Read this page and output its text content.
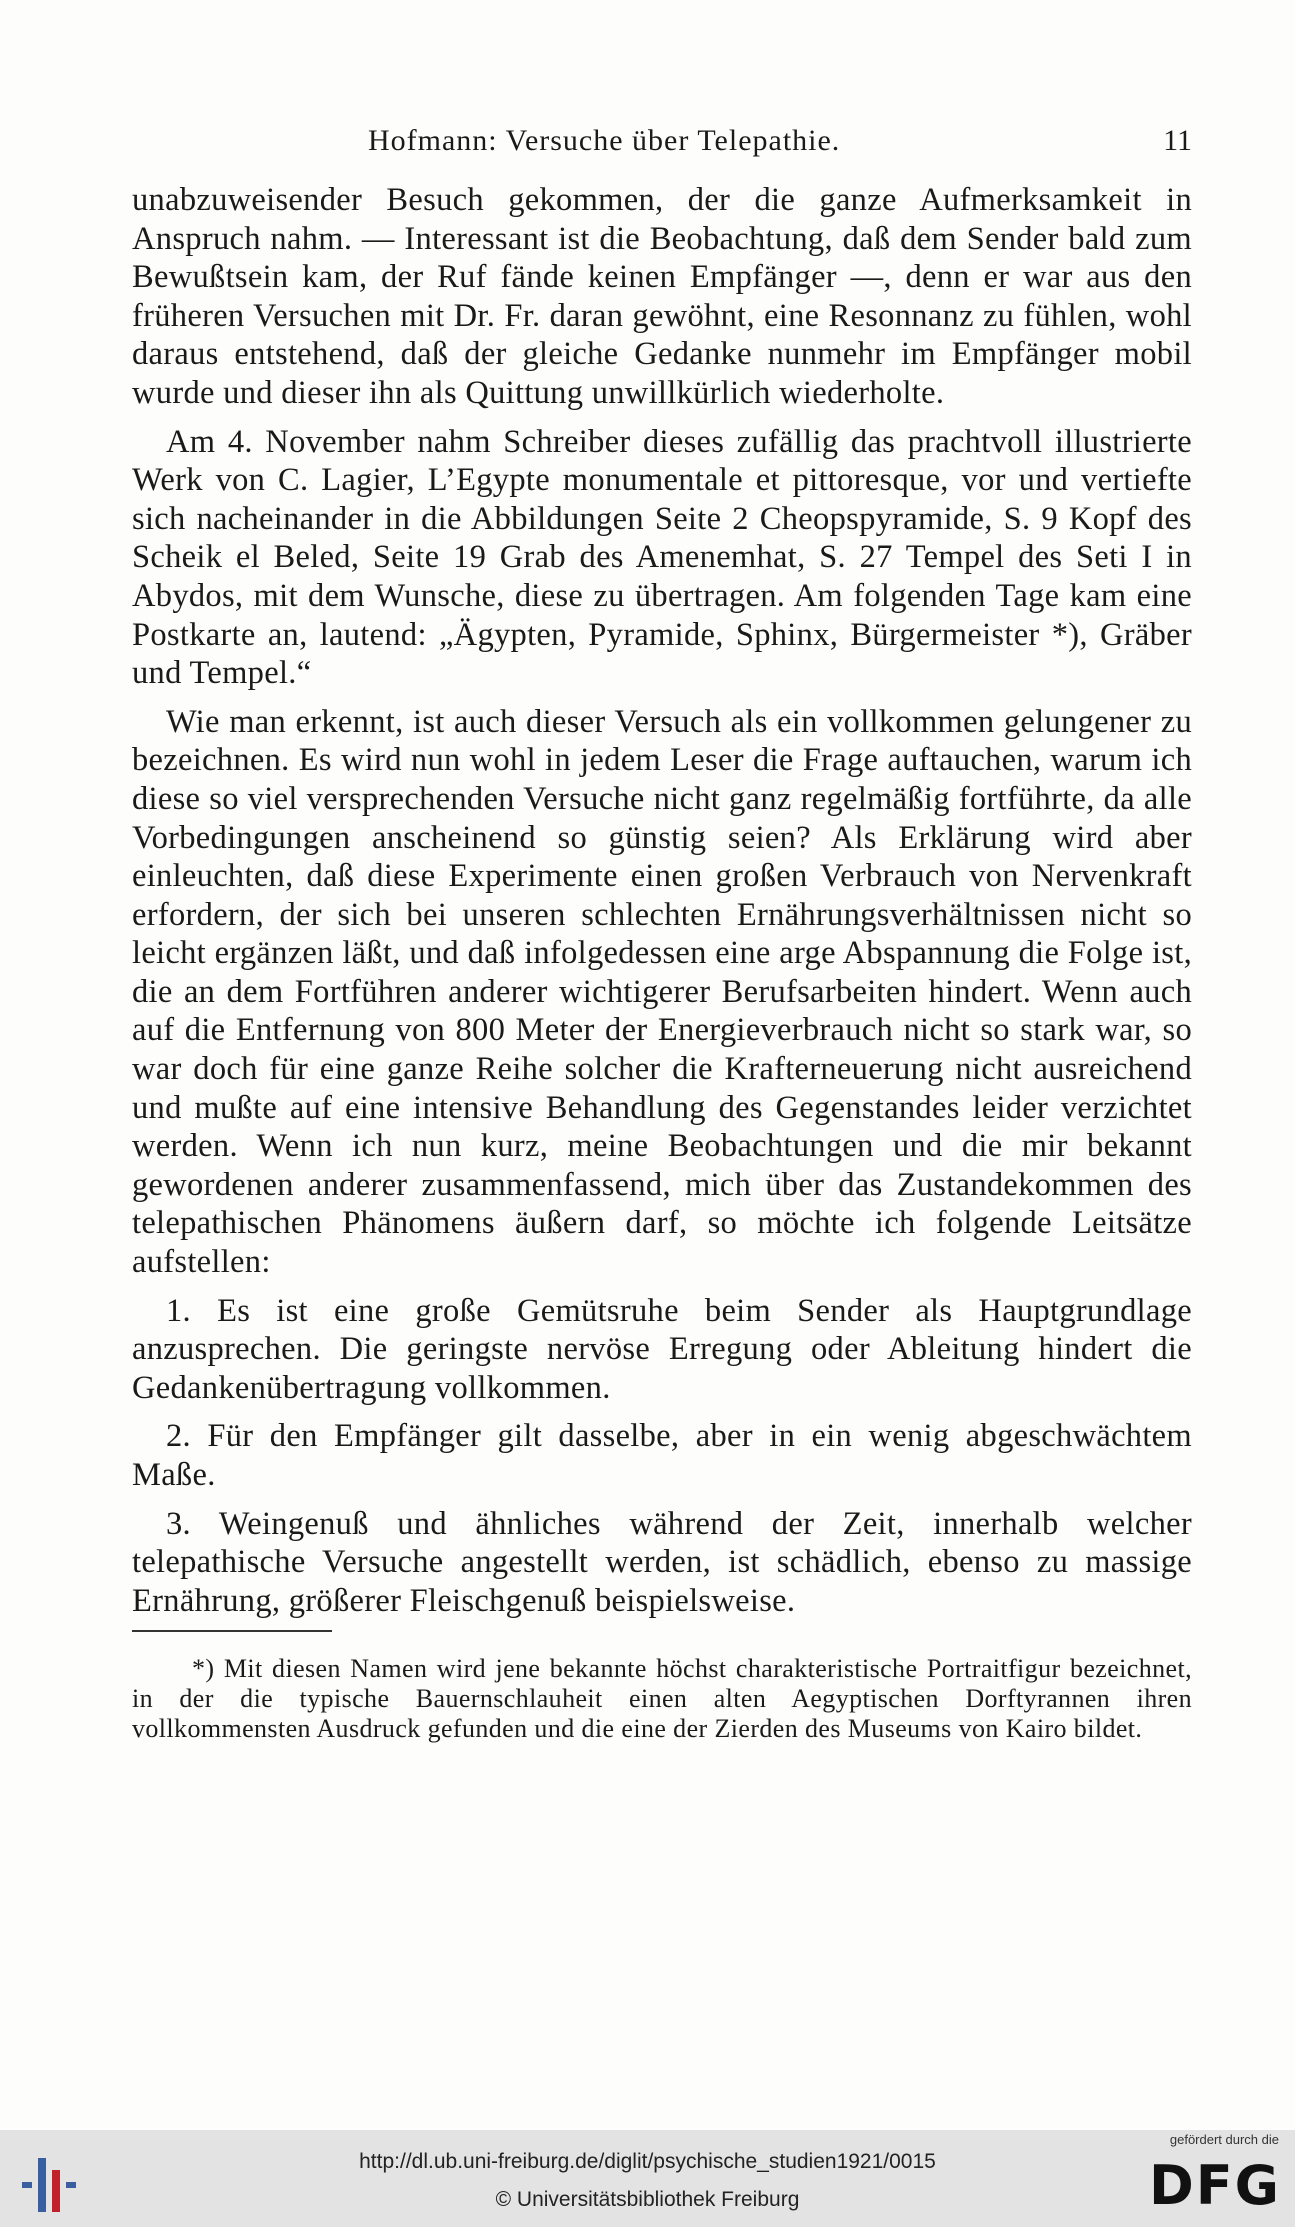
Hofmann: Versuche über Telepathie.	11

unabzuweisender Besuch gekommen, der die ganze Aufmerksamkeit in Anspruch nahm. — Interessant ist die Beobachtung, daß dem Sender bald zum Bewußtsein kam, der Ruf fände keinen Empfänger —, denn er war aus den früheren Versuchen mit Dr. Fr. daran gewöhnt, eine Resonnanz zu fühlen, wohl daraus entstehend, daß der gleiche Gedanke nunmehr im Empfänger mobil wurde und dieser ihn als Quittung unwillkürlich wiederholte.

Am 4. November nahm Schreiber dieses zufällig das prachtvoll illustrierte Werk von C. Lagier, L’Egypte monumentale et pittoresque, vor und vertiefte sich nacheinander in die Abbildungen Seite 2 Cheopspyramide, S. 9 Kopf des Scheik el Beled, Seite 19 Grab des Amenemhat, S. 27 Tempel des Seti I in Abydos, mit dem Wunsche, diese zu übertragen. Am folgenden Tage kam eine Postkarte an, lautend: „Ägypten, Pyramide, Sphinx, Bürgermeister *), Gräber und Tempel.“

Wie man erkennt, ist auch dieser Versuch als ein vollkommen gelungener zu bezeichnen. Es wird nun wohl in jedem Leser die Frage auftauchen, warum ich diese so viel versprechenden Versuche nicht ganz regelmäßig fortführte, da alle Vorbedingungen anscheinend so günstig seien? Als Erklärung wird aber einleuchten, daß diese Experimente einen großen Verbrauch von Nervenkraft erfordern, der sich bei unseren schlechten Ernährungsverhältnissen nicht so leicht ergänzen läßt, und daß infolgedessen eine arge Abspannung die Folge ist, die an dem Fortführen anderer wichtigerer Berufsarbeiten hindert. Wenn auch auf die Entfernung von 800 Meter der Energieverbrauch nicht so stark war, so war doch für eine ganze Reihe solcher die Krafterneuerung nicht ausreichend und mußte auf eine intensive Behandlung des Gegenstandes leider verzichtet werden. Wenn ich nun kurz, meine Beobachtungen und die mir bekannt gewordenen anderer zusammenfassend, mich über das Zustandekommen des telepathischen Phänomens äußern darf, so möchte ich folgende Leitsätze aufstellen:

1. Es ist eine große Gemütsruhe beim Sender als Hauptgrundlage anzusprechen. Die geringste nervöse Erregung oder Ableitung hindert die Gedankenübertragung vollkommen.

2. Für den Empfänger gilt dasselbe, aber in ein wenig abgeschwächtem Maße.

3. Weingenuß und ähnliches während der Zeit, innerhalb welcher telepathische Versuche angestellt werden, ist schädlich, ebenso zu massige Ernährung, größerer Fleischgenuß beispielsweise.

*) Mit diesen Namen wird jene bekannte höchst charakteristische Portraitfigur bezeichnet, in der die typische Bauernschlauheit einen alten Aegyptischen Dorftyrannen ihren vollkommensten Ausdruck gefunden und die eine der Zierden des Museums von Kairo bildet.

http://dl.ub.uni-freiburg.de/diglit/psychische_studien1921/0015
© Universitätsbibliothek Freiburg
gefördert durch die
DFG
